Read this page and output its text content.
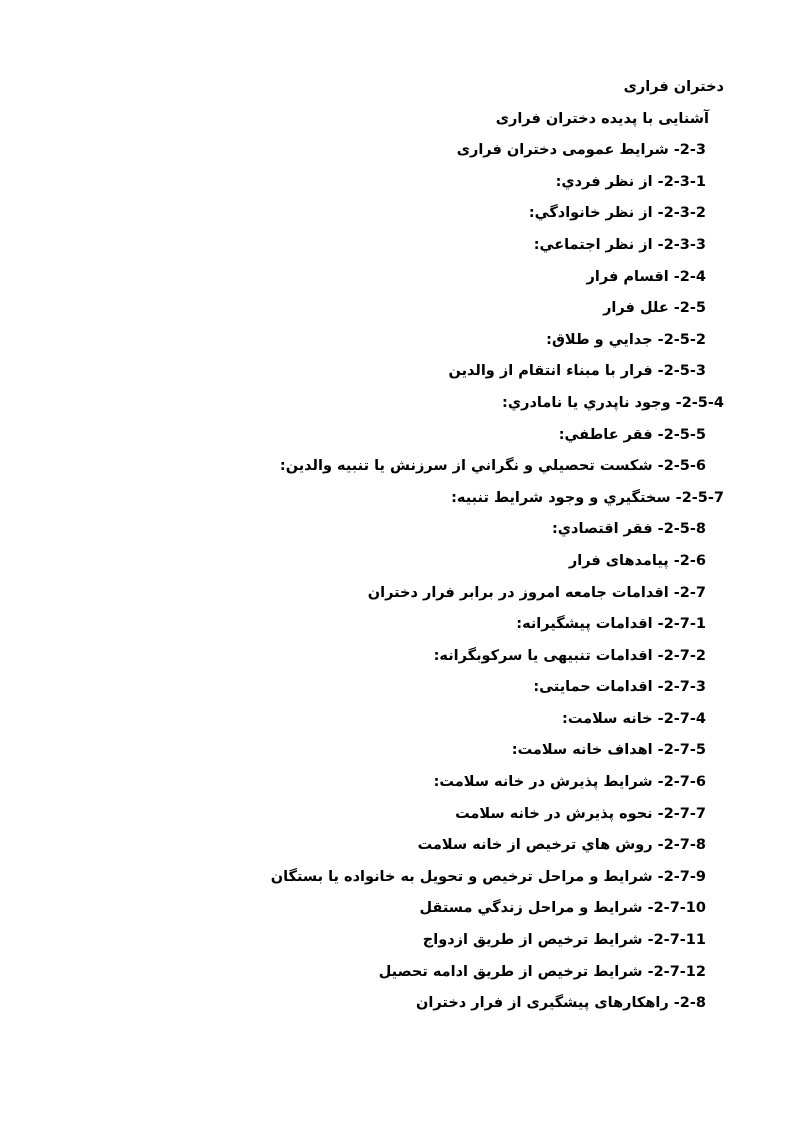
دختران فراری
آشنایی با پدیده دختران فراری
2-3- شرایط عمومی دختران فراری
2-3-1- از نظر فردي:
2-3-2- از نظر خانوادگي:
2-3-3- از نظر اجتماعي:
2-4- اقسام فرار
2-5- علل فرار
2-5-2- جدايي و طلاق:
2-5-3- فرار با مبناء انتقام از والدين
2-5-4- وجود ناپدري يا نامادري:
2-5-5- فقر عاطفي:
2-5-6- شكست تحصيلي و نگراني از سرزنش يا تنبيه والدين:
2-5-7- سختگيري و وجود شرايط تنبيه:
2-5-8- فقر اقتصادي:
2-6- پیامدهای فرار
2-7- اقدامات جامعه امروز در برابر فرار دختران
2-7-1- اقدامات پیشگیرانه:
2-7-2- اقدامات تنبیهی یا سرکوبگرانه:
2-7-3- اقدامات حمایتی:
2-7-4- خانه سلامت:
2-7-5- اهداف خانه سلامت:
2-7-6- شرایط پذیرش در خانه سلامت:
2-7-7- نحوه پذیرش در خانه سلامت
2-7-8- روش هاي ترخيص از خانه سلامت
2-7-9- شرايط و مراحل ترخيص و تحويل به خانواده يا بستگان
2-7-10- شرايط و مراحل زندگي مستقل
2-7-11- شرايط ترخيص از طريق ازدواج
2-7-12- شرايط ترخيص از طريق ادامه تحصيل
2-8- راهکارهای پیشگیری از فرار دختران
